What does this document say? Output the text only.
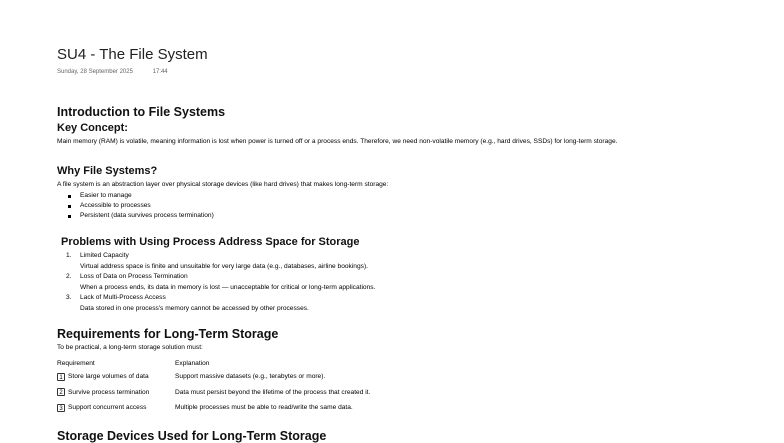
SU4 - The File System
Sunday, 28 September 2025	17:44
Introduction to File Systems
Key Concept:
Main memory (RAM) is volatile, meaning information is lost when power is turned off or a process ends. Therefore, we need non-volatile memory (e.g., hard drives, SSDs) for long-term storage.
Why File Systems?
A file system is an abstraction layer over physical storage devices (like hard drives) that makes long-term storage:
Easier to manage
Accessible to processes
Persistent (data survives process termination)
Problems with Using Process Address Space for Storage
1. Limited Capacity
Virtual address space is finite and unsuitable for very large data (e.g., databases, airline bookings).
2. Loss of Data on Process Termination
When a process ends, its data in memory is lost — unacceptable for critical or long-term applications.
3. Lack of Multi-Process Access
Data stored in one process's memory cannot be accessed by other processes.
Requirements for Long-Term Storage
To be practical, a long-term storage solution must:
Requirement	Explanation
1 Store large volumes of data	Support massive datasets (e.g., terabytes or more).
2 Survive process termination	Data must persist beyond the lifetime of the process that created it.
3 Support concurrent access	Multiple processes must be able to read/write the same data.
Storage Devices Used for Long-Term Storage
